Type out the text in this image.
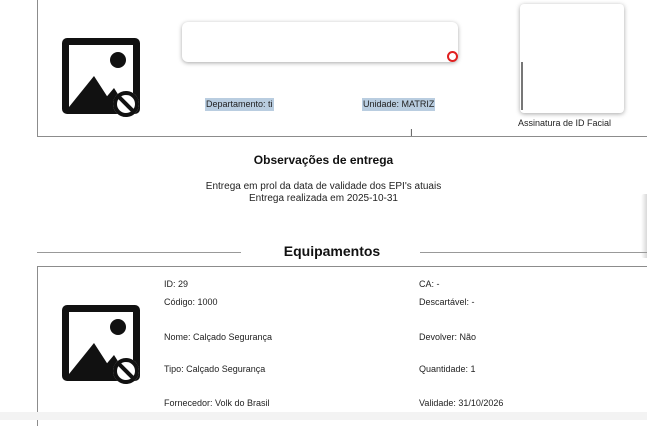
Departamento: ti	Unidade: MATRIZ
Assinatura de ID Facial
I
Observações de entrega
Entrega em prol da data de validade dos EPI's atuais
Entrega realizada em 2025-10-31
Equipamentos
ID: 29
Código: 1000
Nome: Calçado Segurança
Tipo: Calçado Segurança
Fornecedor: Volk do Brasil
CA: -
Descartável: -
Devolver: Não
Quantidade: 1
Validade: 31/10/2026
